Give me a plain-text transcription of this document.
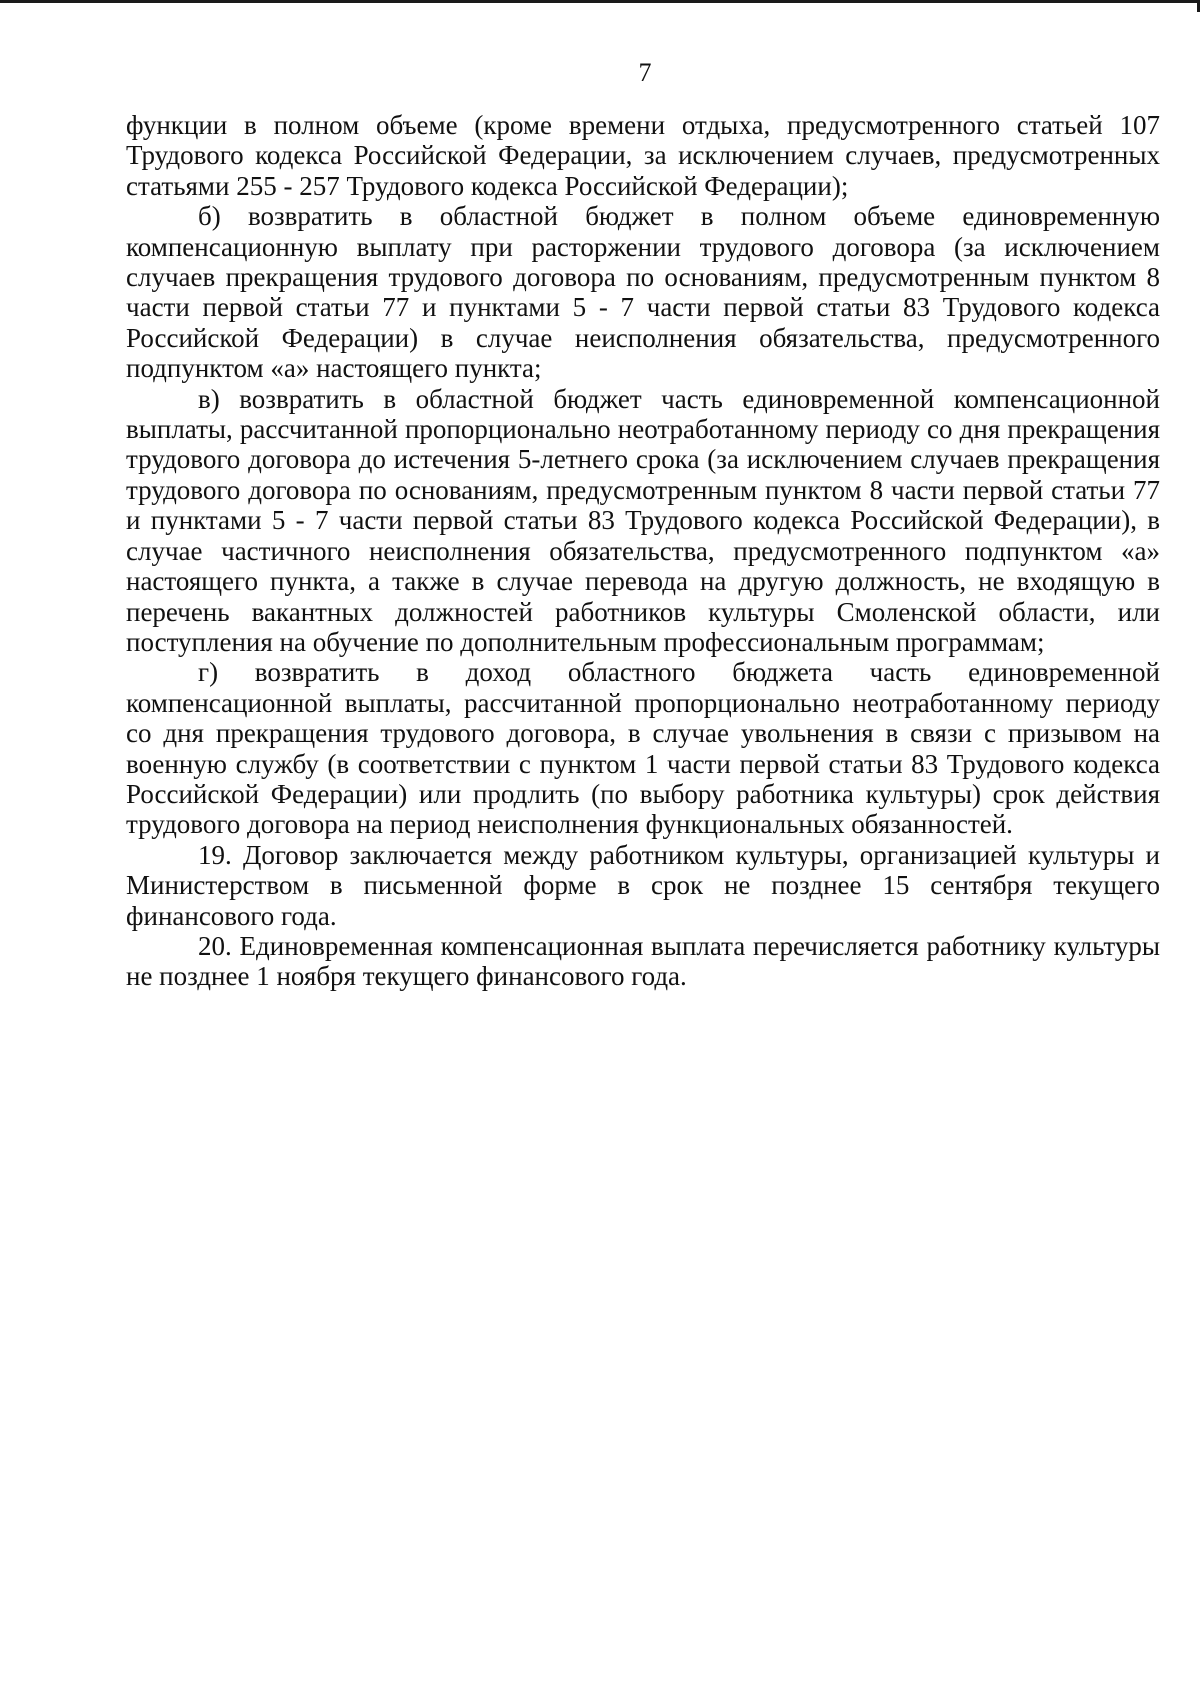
7

функции в полном объеме (кроме времени отдыха, предусмотренного статьей 107 Трудового кодекса Российской Федерации, за исключением случаев, предусмотренных статьями 255 - 257 Трудового кодекса Российской Федерации);

б) возвратить в областной бюджет в полном объеме единовременную компенсационную выплату при расторжении трудового договора (за исключением случаев прекращения трудового договора по основаниям, предусмотренным пунктом 8 части первой статьи 77 и пунктами 5 - 7 части первой статьи 83 Трудового кодекса Российской Федерации) в случае неисполнения обязательства, предусмотренного подпунктом «а» настоящего пункта;

в) возвратить в областной бюджет часть единовременной компенсационной выплаты, рассчитанной пропорционально неотработанному периоду со дня прекращения трудового договора до истечения 5-летнего срока (за исключением случаев прекращения трудового договора по основаниям, предусмотренным пунктом 8 части первой статьи 77 и пунктами 5 - 7 части первой статьи 83 Трудового кодекса Российской Федерации), в случае частичного неисполнения обязательства, предусмотренного подпунктом «а» настоящего пункта, а также в случае перевода на другую должность, не входящую в перечень вакантных должностей работников культуры Смоленской области, или поступления на обучение по дополнительным профессиональным программам;

г) возвратить в доход областного бюджета часть единовременной компенсационной выплаты, рассчитанной пропорционально неотработанному периоду со дня прекращения трудового договора, в случае увольнения в связи с призывом на военную службу (в соответствии с пунктом 1 части первой статьи 83 Трудового кодекса Российской Федерации) или продлить (по выбору работника культуры) срок действия трудового договора на период неисполнения функциональных обязанностей.

19. Договор заключается между работником культуры, организацией культуры и Министерством в письменной форме в срок не позднее 15 сентября текущего финансового года.

20. Единовременная компенсационная выплата перечисляется работнику культуры не позднее 1 ноября текущего финансового года.
